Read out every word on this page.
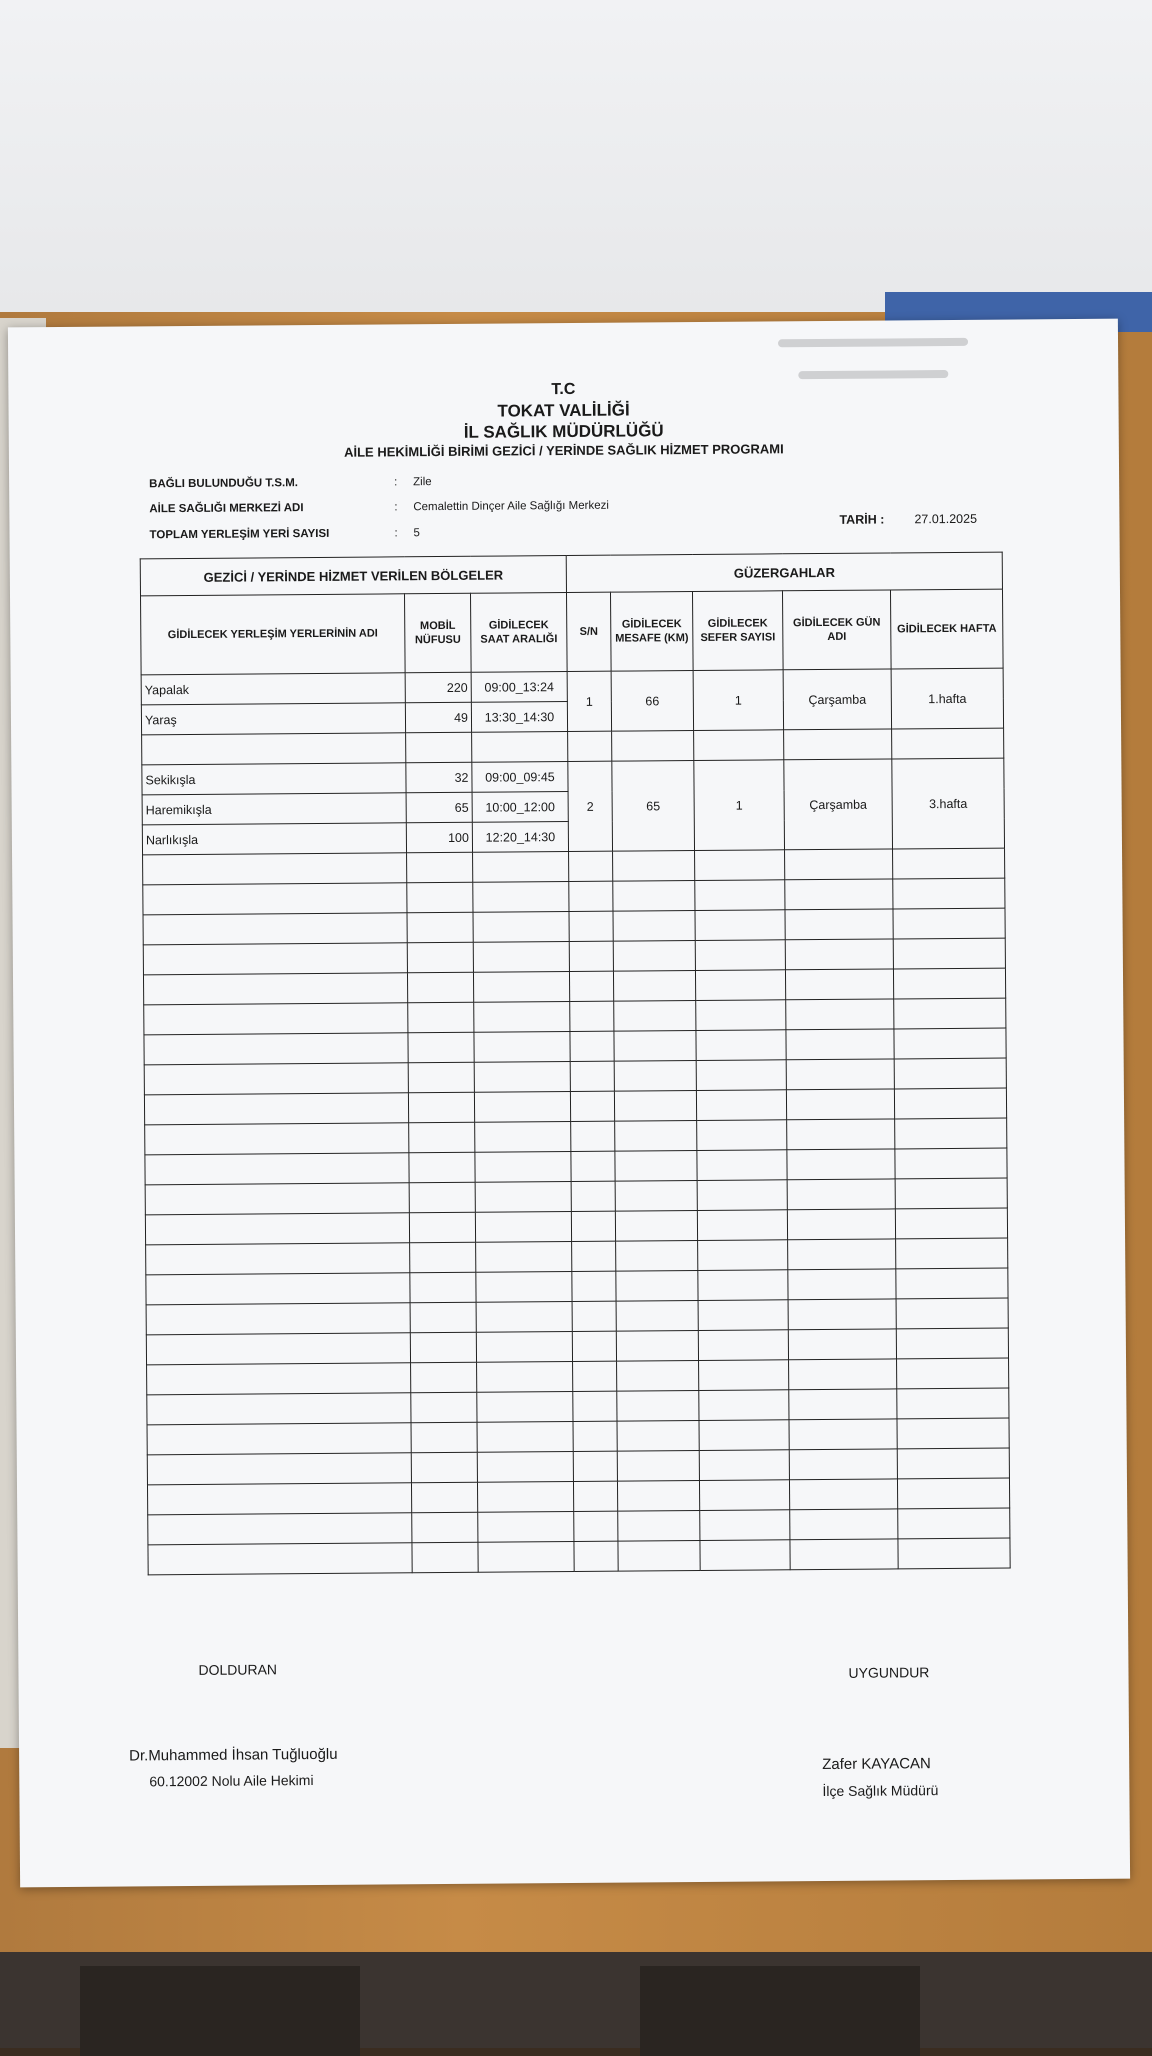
T.C
TOKAT VALİLİĞİ
İL SAĞLIK MÜDÜRLÜĞÜ
AİLE HEKİMLİĞİ BİRİMİ GEZİCİ / YERİNDE SAĞLIK HİZMET PROGRAMI
BAĞLI BULUNDUĞU T.S.M.	: Zile
AİLE SAĞLIĞI MERKEZİ ADI	: Cemalettin Dinçer Aile Sağlığı Merkezi
TOPLAM YERLEŞİM YERİ SAYISI	: 5
TARİH : 27.01.2025
GEZİCİ / YERİNDE HİZMET VERİLEN BÖLGELER			GÜZERGAHLAR				
GİDİLECEK YERLEŞİM YERLERİNİN ADI	MOBİL NÜFUSU	GİDİLECEK SAAT ARALIĞI	S/N	GİDİLECEK MESAFE (KM)	GİDİLECEK SEFER SAYISI	GİDİLECEK GÜN ADI	GİDİLECEK HAFTA
Yapalak	220	09:00_13:24	1	66	1	Çarşamba	1.hafta
Yaraş	49	13:30_14:30					

Sekikışla	32	09:00_09:45	2	65	1	Çarşamba	3.hafta
Haremikışla	65	10:00_12:00					
Narlıkışla	100	12:20_14:30					

DOLDURAN	UYGUNDUR
Dr.Muhammed İhsan Tuğluoğlu
60.12002 Nolu Aile Hekimi
Zafer KAYACAN
İlçe Sağlık Müdürü
